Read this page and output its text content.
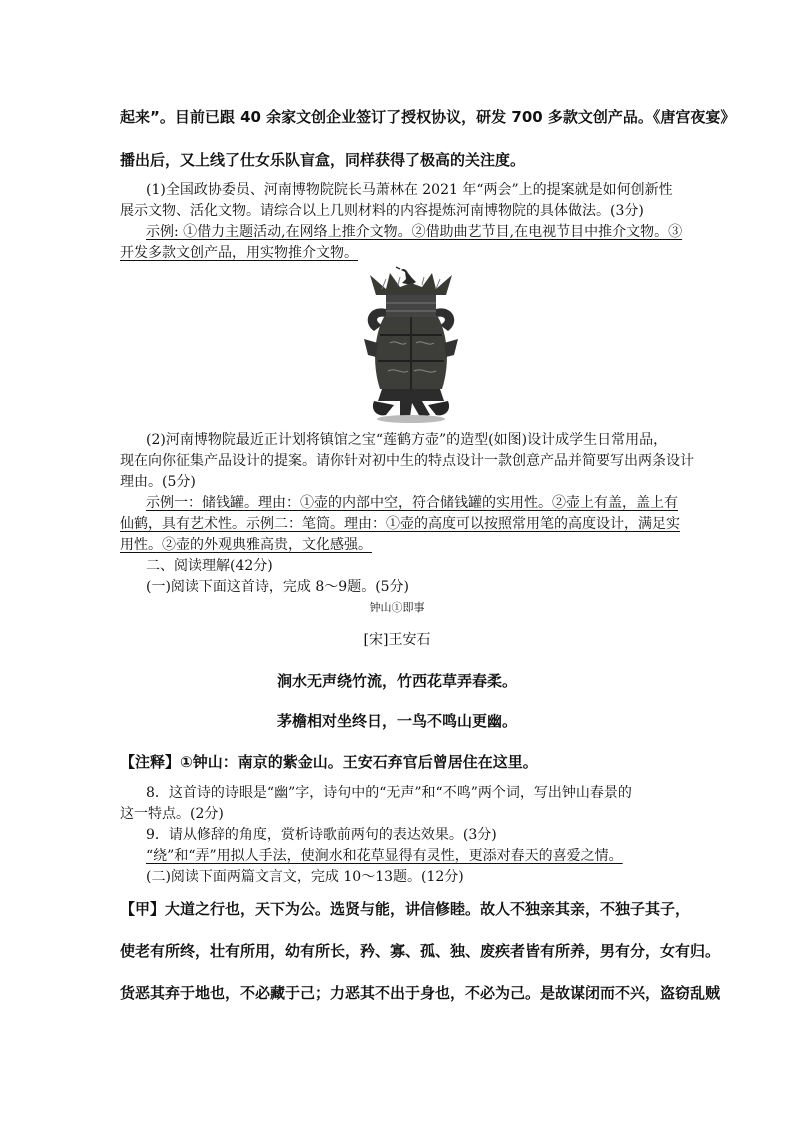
起来”。目前已跟 40 余家文创企业签订了授权协议，研发 700 多款文创产品。《唐宫夜宴》
播出后，又上线了仕女乐队盲盒，同样获得了极高的关注度。
(1)全国政协委员、河南博物院院长马萧林在 2021 年“两会”上的提案就是如何创新性
展示文物、活化文物。请综合以上几则材料的内容提炼河南博物院的具体做法。(3分)
示例: ①借力主题活动,在网络上推介文物。②借助曲艺节目,在电视节目中推介文物。③
开发多款文创产品，用实物推介文物。
(2)河南博物院最近正计划将镇馆之宝“莲鹤方壶”的造型(如图)设计成学生日常用品，
现在向你征集产品设计的提案。请你针对初中生的特点设计一款创意产品并简要写出两条设计
理由。(5分)
示例一：储钱罐。理由：①壶的内部中空，符合储钱罐的实用性。②壶上有盖，盖上有
仙鹤，具有艺术性。示例二：笔筒。理由：①壶的高度可以按照常用笔的高度设计，满足实
用性。②壶的外观典雅高贵，文化感强。
二、阅读理解(42分)
(一)阅读下面这首诗，完成 8～9题。(5分)
钟山①即事
[宋]王安石
涧水无声绕竹流，竹西花草弄春柔。
茅檐相对坐终日，一鸟不鸣山更幽。
【注释】①钟山：南京的紫金山。王安石弃官后曾居住在这里。
8．这首诗的诗眼是“幽”字，诗句中的“无声”和“不鸣”两个词，写出钟山春景的
这一特点。(2分)
9．请从修辞的角度，赏析诗歌前两句的表达效果。(3分)
“绕”和“弄”用拟人手法，使涧水和花草显得有灵性，更添对春天的喜爱之情。
(二)阅读下面两篇文言文，完成 10～13题。(12分)
【甲】大道之行也，天下为公。选贤与能，讲信修睦。故人不独亲其亲，不独子其子，
使老有所终，壮有所用，幼有所长，矜、寡、孤、独、废疾者皆有所养，男有分，女有归。
货恶其弃于地也，不必藏于己；力恶其不出于身也，不必为己。是故谋闭而不兴，盗窃乱贼
